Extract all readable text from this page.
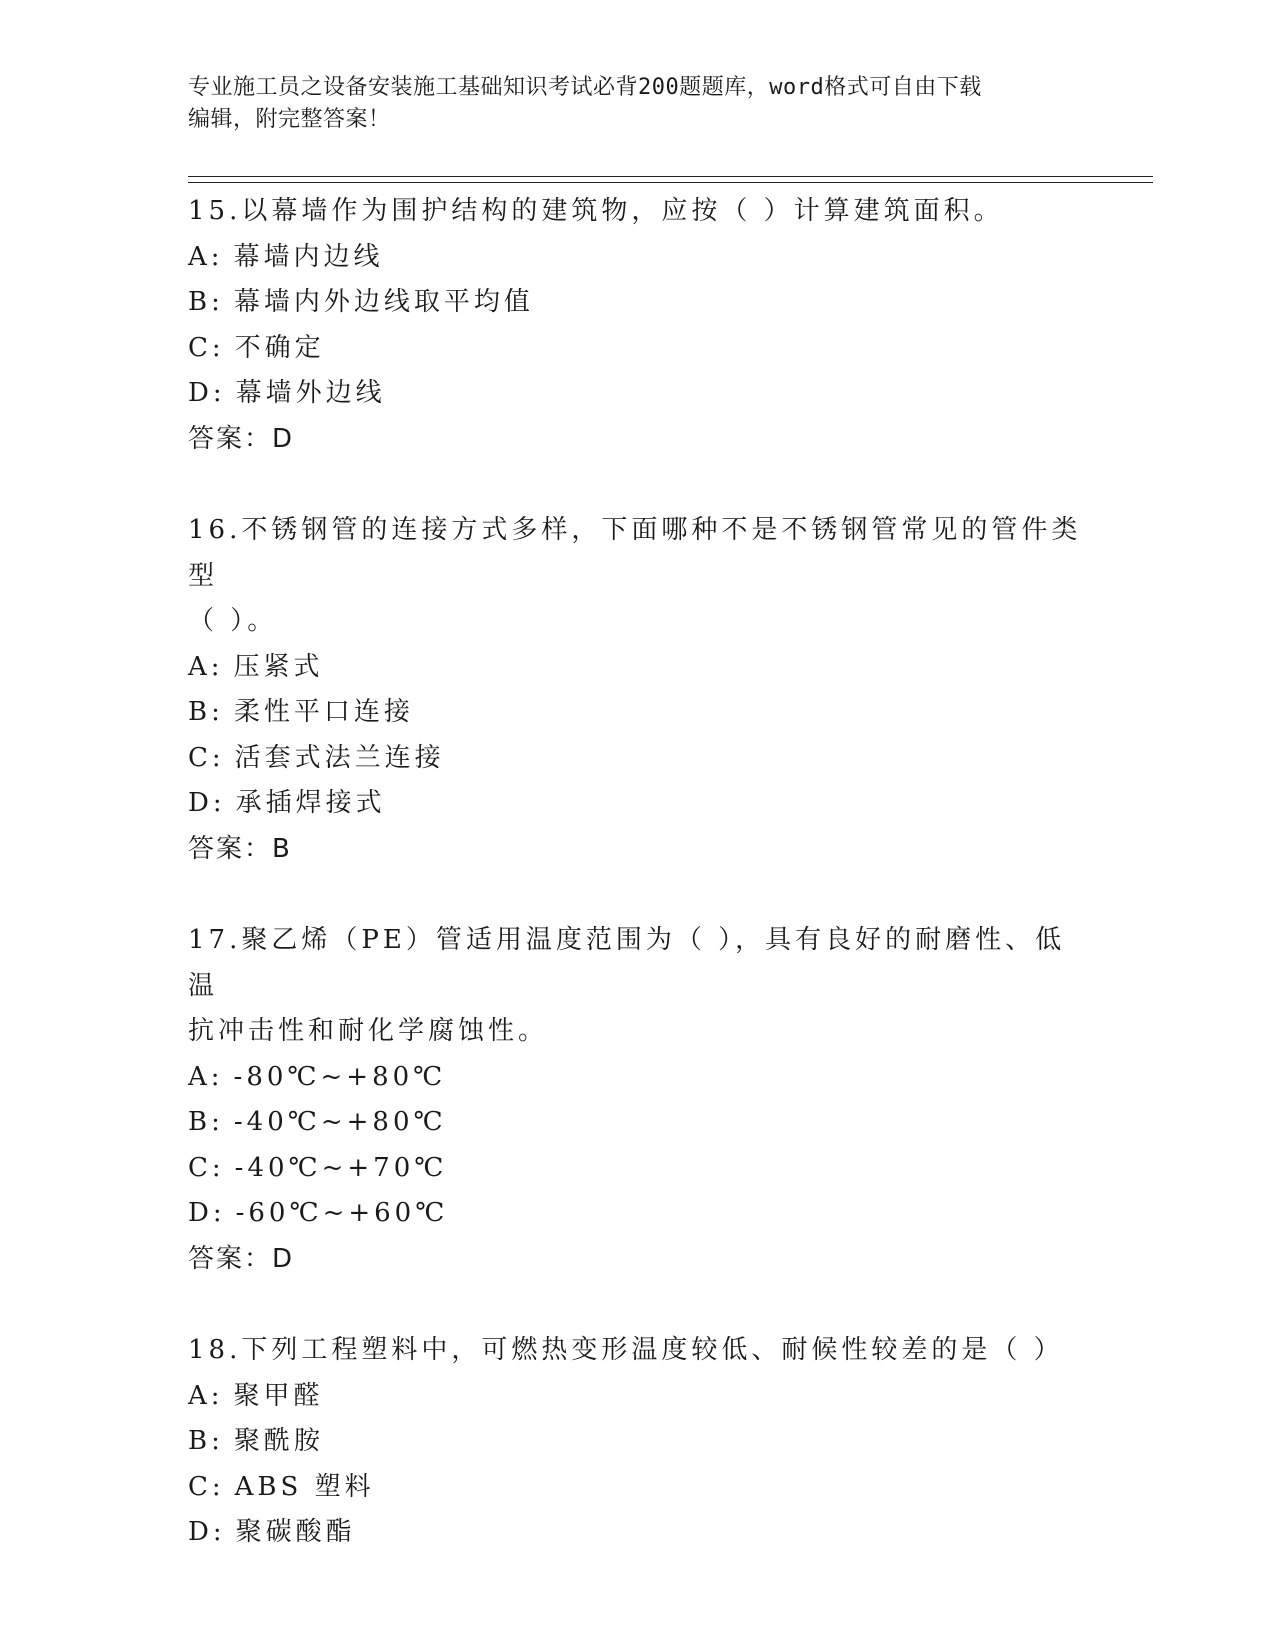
专业施工员之设备安装施工基础知识考试必背200题题库，word格式可自由下载
编辑，附完整答案！
15.以幕墙作为围护结构的建筑物，应按（ ）计算建筑面积。
A: 幕墙内边线
B: 幕墙内外边线取平均值
C: 不确定
D: 幕墙外边线
答案：D
16.不锈钢管的连接方式多样，下面哪种不是不锈钢管常见的管件类型
（ ）。
A: 压紧式
B: 柔性平口连接
C: 活套式法兰连接
D: 承插焊接式
答案：B
17.聚乙烯（PE）管适用温度范围为（ ），具有良好的耐磨性、低温
抗冲击性和耐化学腐蚀性。
A: -80℃~+80℃
B: -40℃~+80℃
C: -40℃~+70℃
D: -60℃~+60℃
答案：D
18.下列工程塑料中，可燃热变形温度较低、耐候性较差的是（ ）
A: 聚甲醛
B: 聚酰胺
C: ABS 塑料
D: 聚碳酸酯
